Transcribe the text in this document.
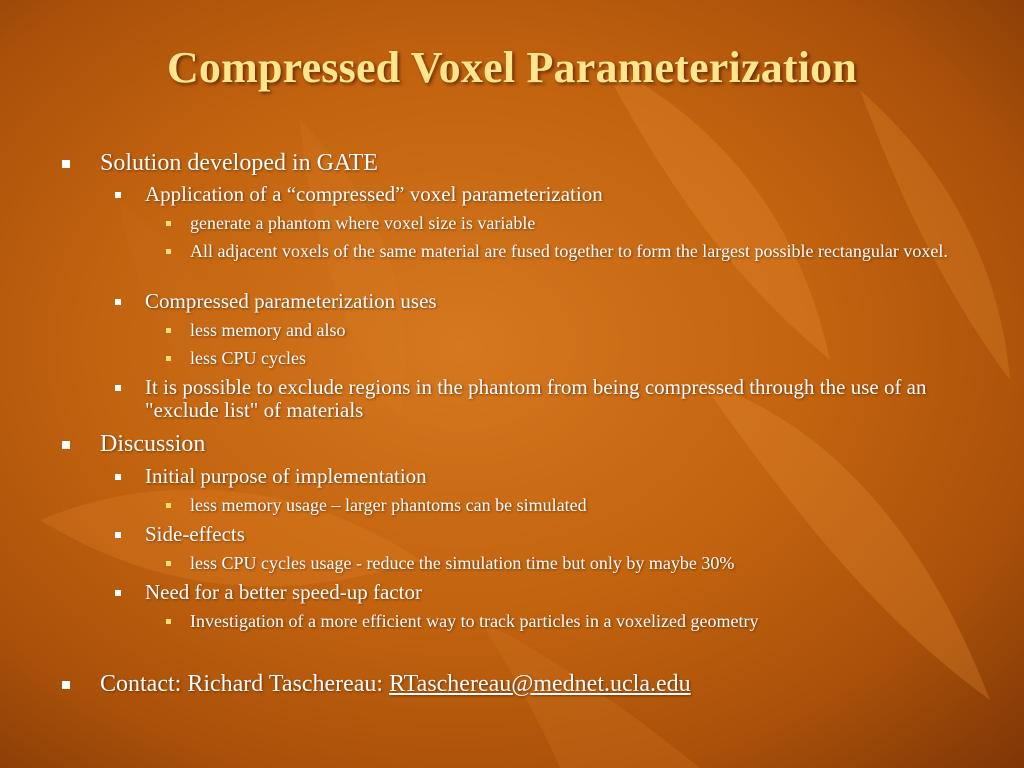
Compressed Voxel Parameterization
Solution developed in GATE
Application of a “compressed” voxel parameterization
generate a phantom where voxel size is variable
All adjacent voxels of the same material are fused together to form the largest possible rectangular voxel.
Compressed parameterization uses
less memory and also
less CPU cycles
It is possible to exclude regions in the phantom from being compressed through the use of an "exclude list" of materials
Discussion
Initial purpose of implementation
less memory usage – larger phantoms can be simulated
Side-effects
less CPU cycles usage - reduce the simulation time but only by maybe 30%
Need for a better speed-up factor
Investigation of a more efficient way to track particles in a voxelized geometry
Contact: Richard Taschereau: RTaschereau@mednet.ucla.edu
